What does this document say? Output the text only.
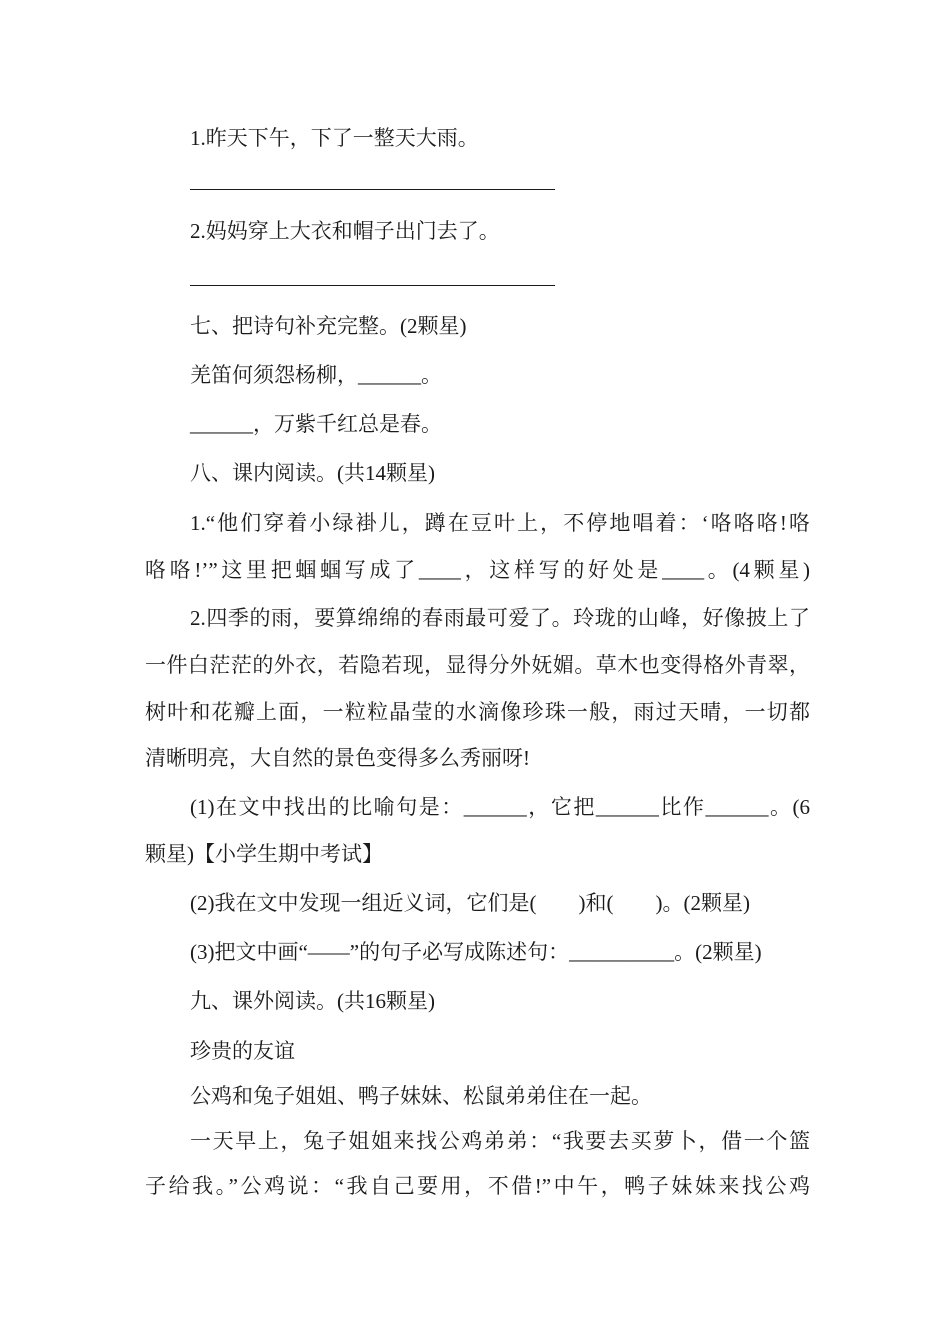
1.昨天下午，下了一整天大雨。
2.妈妈穿上大衣和帽子出门去了。
七、把诗句补充完整。(2颗星)
羌笛何须怨杨柳，______。
______，万紫千红总是春。
八、课内阅读。(共14颗星)
1.“他们穿着小绿褂儿，蹲在豆叶上，不停地唱着：‘咯咯咯!咯
咯咯!’”这里把蝈蝈写成了____，这样写的好处是____。(4颗星)
2.四季的雨，要算绵绵的春雨最可爱了。玲珑的山峰，好像披上了
一件白茫茫的外衣，若隐若现，显得分外妩媚。草木也变得格外青翠，
树叶和花瓣上面，一粒粒晶莹的水滴像珍珠一般，雨过天晴，一切都
清晰明亮，大自然的景色变得多么秀丽呀!
(1)在文中找出的比喻句是：______，它把______比作______。(6
颗星)【小学生期中考试】
(2)我在文中发现一组近义词，它们是(　　)和(　　)。(2颗星)
(3)把文中画“——”的句子必写成陈述句：__________。(2颗星)
九、课外阅读。(共16颗星)
珍贵的友谊
公鸡和兔子姐姐、鸭子妹妹、松鼠弟弟住在一起。
一天早上，兔子姐姐来找公鸡弟弟：“我要去买萝卜，借一个篮
子给我。”公鸡说：“我自己要用，不借!”中午，鸭子妹妹来找公鸡
